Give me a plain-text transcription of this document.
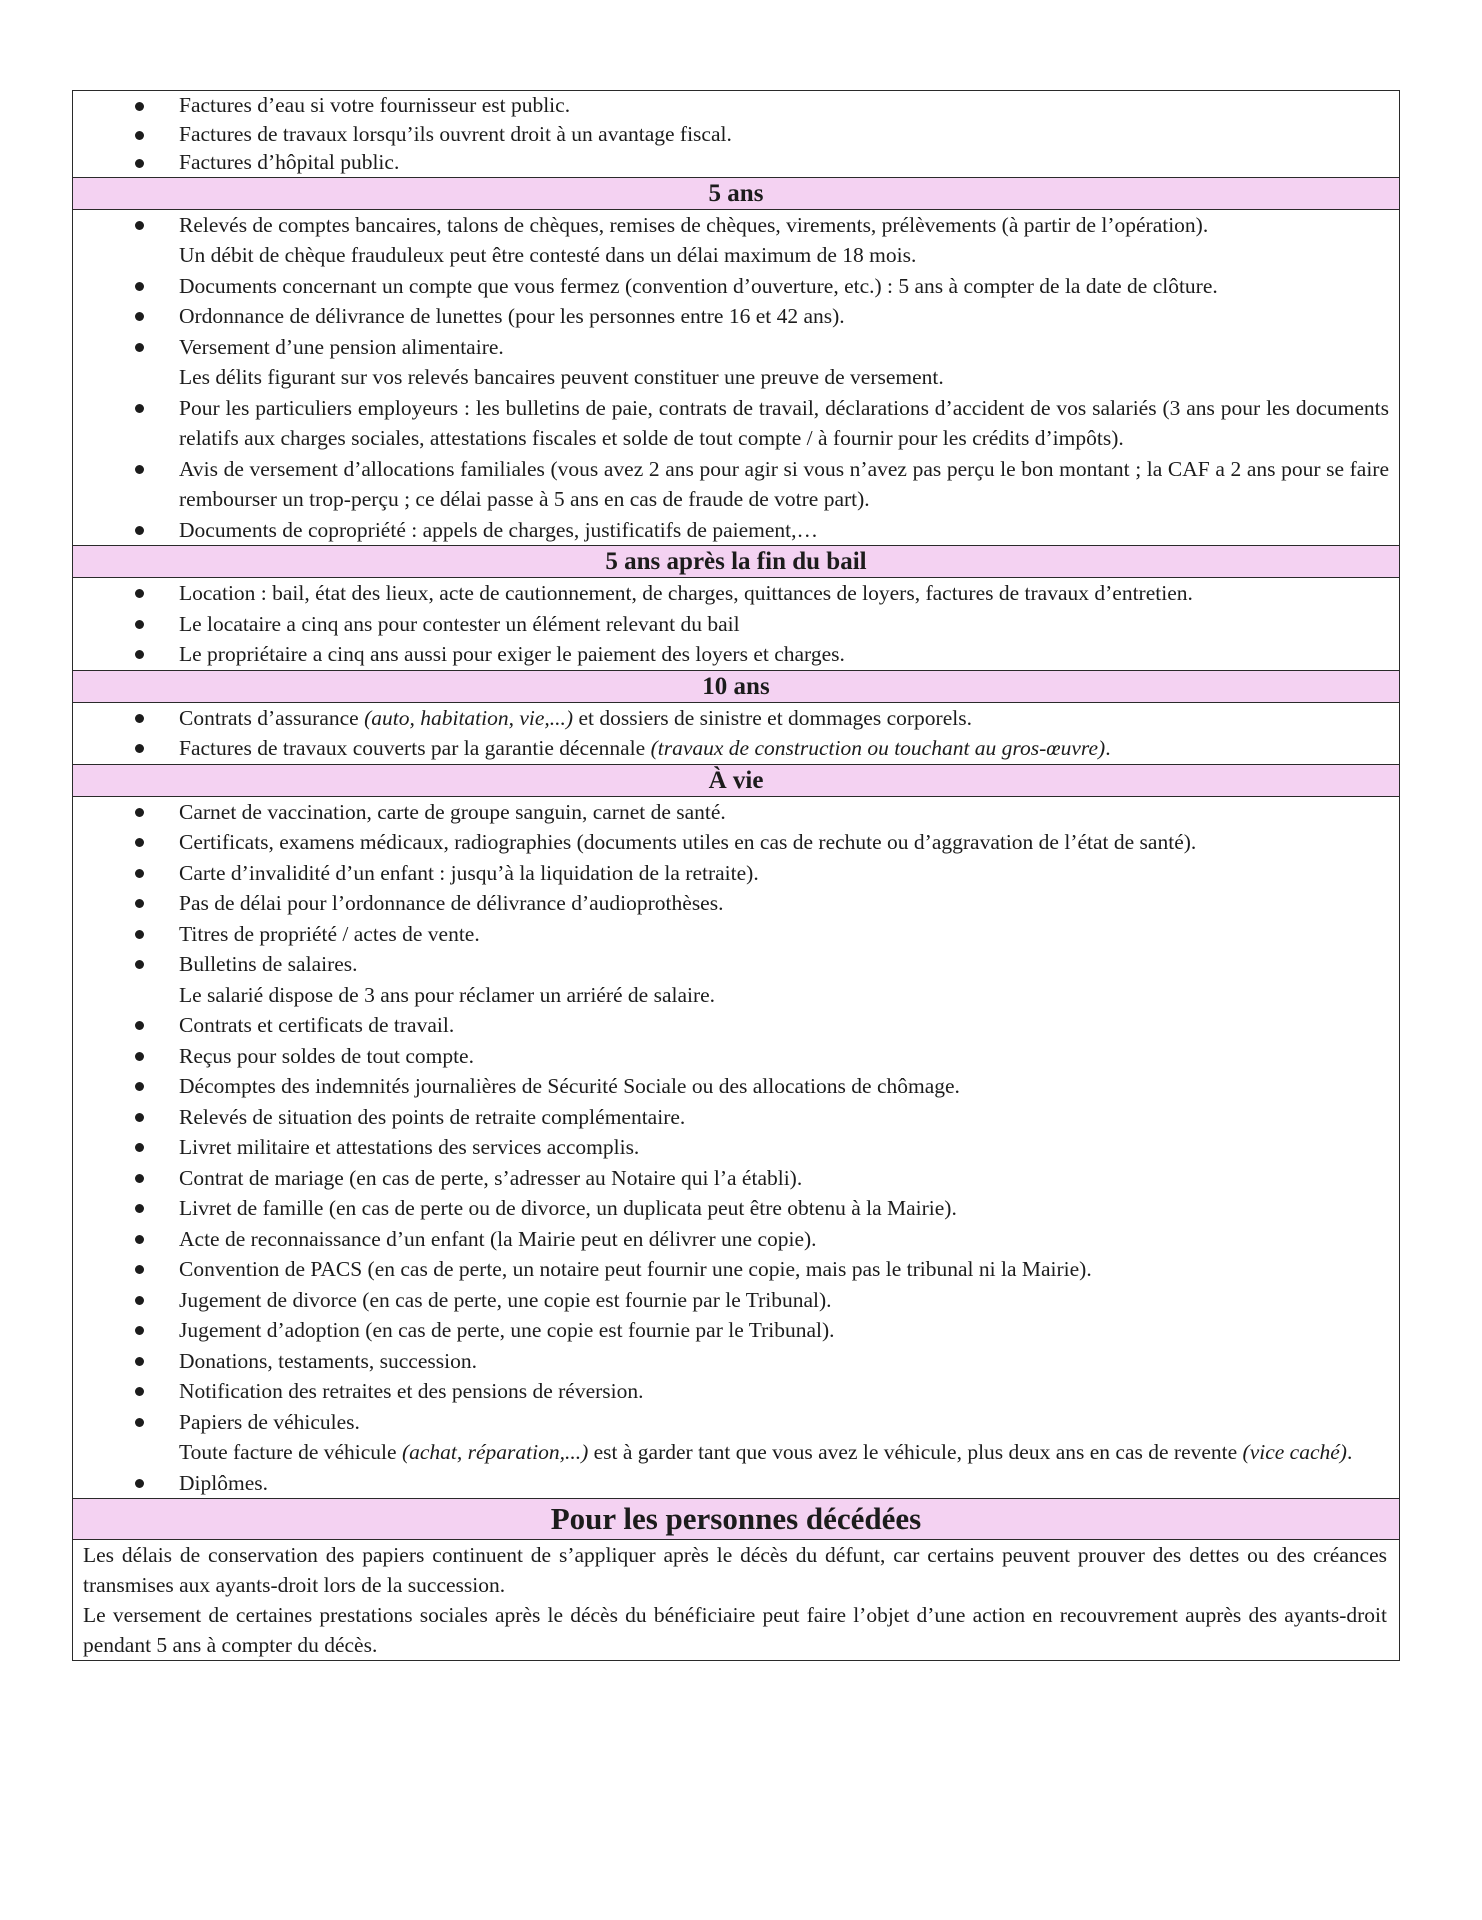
Factures d’eau si votre fournisseur est public.
Factures de travaux lorsqu’ils ouvrent droit à un avantage fiscal.
Factures d’hôpital public.
5 ans
Relevés de comptes bancaires, talons de chèques, remises de chèques, virements, prélèvements (à partir de l’opération).
Un débit de chèque frauduleux peut être contesté dans un délai maximum de 18 mois.
Documents concernant un compte que vous fermez (convention d’ouverture, etc.) : 5 ans à compter de la date de clôture.
Ordonnance de délivrance de lunettes (pour les personnes entre 16 et 42 ans).
Versement d’une pension alimentaire.
Les délits figurant sur vos relevés bancaires peuvent constituer une preuve de versement.
Pour les particuliers employeurs : les bulletins de paie, contrats de travail, déclarations d’accident de vos salariés (3 ans pour les documents relatifs aux charges sociales, attestations fiscales et solde de tout compte / à fournir pour les crédits d’impôts).
Avis de versement d’allocations familiales (vous avez 2 ans pour agir si vous n’avez pas perçu le bon montant ; la CAF a 2 ans pour se faire rembourser un trop-perçu ; ce délai passe à 5 ans en cas de fraude de votre part).
Documents de copropriété : appels de charges, justificatifs de paiement,…
5 ans après la fin du bail
Location : bail, état des lieux, acte de cautionnement, de charges, quittances de loyers, factures de travaux d’entretien.
Le locataire a cinq ans pour contester un élément relevant du bail
Le propriétaire a cinq ans aussi pour exiger le paiement des loyers et charges.
10 ans
Contrats d’assurance (auto, habitation, vie,...) et dossiers de sinistre et dommages corporels.
Factures de travaux couverts par la garantie décennale (travaux de construction ou touchant au gros-œuvre).
À vie
Carnet de vaccination, carte de groupe sanguin, carnet de santé.
Certificats, examens médicaux, radiographies (documents utiles en cas de rechute ou d’aggravation de l’état de santé).
Carte d’invalidité d’un enfant : jusqu’à la liquidation de la retraite).
Pas de délai pour l’ordonnance de délivrance d’audioprothèses.
Titres de propriété / actes de vente.
Bulletins de salaires.
Le salarié dispose de 3 ans pour réclamer un arriéré de salaire.
Contrats et certificats de travail.
Reçus pour soldes de tout compte.
Décomptes des indemnités journalières de Sécurité Sociale ou des allocations de chômage.
Relevés de situation des points de retraite complémentaire.
Livret militaire et attestations des services accomplis.
Contrat de mariage (en cas de perte, s’adresser au Notaire qui l’a établi).
Livret de famille (en cas de perte ou de divorce, un duplicata peut être obtenu à la Mairie).
Acte de reconnaissance d’un enfant (la Mairie peut en délivrer une copie).
Convention de PACS (en cas de perte, un notaire peut fournir une copie, mais pas le tribunal ni la Mairie).
Jugement de divorce (en cas de perte, une copie est fournie par le Tribunal).
Jugement d’adoption (en cas de perte, une copie est fournie par le Tribunal).
Donations, testaments, succession.
Notification des retraites et des pensions de réversion.
Papiers de véhicules.
Toute facture de véhicule (achat, réparation,...) est à garder tant que vous avez le véhicule, plus deux ans en cas de revente (vice caché).
Diplômes.
Pour les personnes décédées
Les délais de conservation des papiers continuent de s’appliquer après le décès du défunt, car certains peuvent prouver des dettes ou des créances transmises aux ayants-droit lors de la succession.
Le versement de certaines prestations sociales après le décès du bénéficiaire peut faire l’objet d’une action en recouvrement auprès des ayants-droit pendant 5 ans à compter du décès.
